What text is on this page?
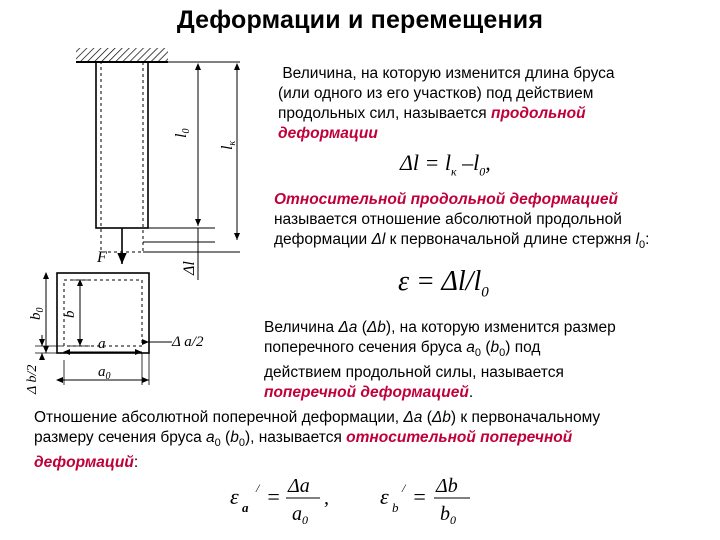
Деформации и перемещения
l0
lк
F
Δl
$b_0$
b
a
$a_0$
Δ a/2
Δ b/2
Величина, на которую изменится длина бруса
(или одного из его участков) под действием
продольных сил, называется продольной
деформации
$\Delta l = l_к$ $-l_0$,
Относительной продольной деформацией
называется отношение абсолютной продольной
деформации Δl к первоначальной длине стержня $l_0$:
$\varepsilon = \Delta l/l_0$
Величина Δa (Δb), на которую изменится размер
поперечного сечения бруса $a_0$ $(b_0)$ под
действием продольной силы, называется
поперечной деформацией.
Отношение абсолютной поперечной деформации, Δa (Δb) к первоначальному
размеру сечения бруса $a_0$ $(b_0)$, называется относительной поперечной
деформаций:
ε a
/ = Δa
$a_0$
, ε b
/ = Δb
$b_0$
